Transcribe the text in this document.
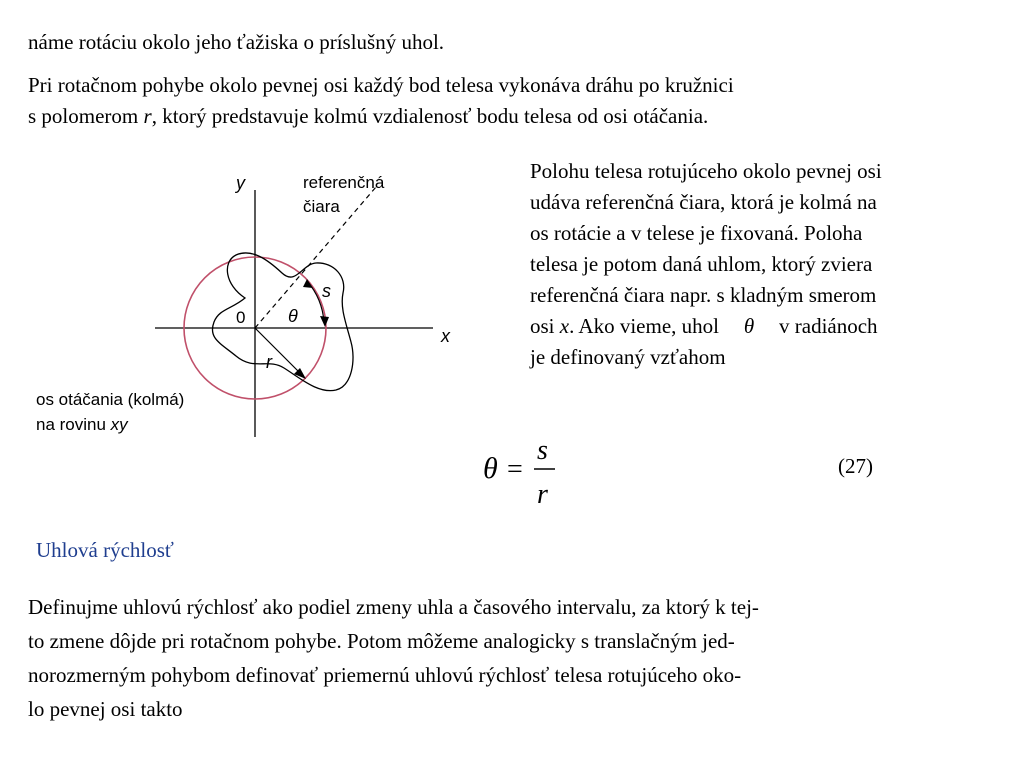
náme rotáciu okolo jeho ťažiska o príslušný uhol.
Pri rotačnom pohybe okolo pevnej osi každý bod telesa vykonáva dráhu po kružnici
s polomerom r, ktorý predstavuje kolmú vzdialenosť bodu telesa od osi otáčania.
y
x
referenčná
čiara
0 θ
s
r
os otáčania (kolmá)
na rovinu xy
θ =
s
r
Polohu telesa rotujúceho okolo pevnej osi
udáva referenčná čiara, ktorá je kolmá na
os rotácie a v telese je fixovaná. Poloha
telesa je potom daná uhlom, ktorý zviera
referenčná čiara napr. s kladným smerom
osi x. Ako vieme, uhol θ v radiánoch
je definovaný vzťahom
(27)
Uhlová rýchlosť
Definujme uhlovú rýchlosť ako podiel zmeny uhla a časového intervalu, za ktorý k tej-
to zmene dôjde pri rotačnom pohybe. Potom môžeme analogicky s translačným jed-
norozmerným pohybom definovať priemernú uhlovú rýchlosť telesa rotujúceho oko-
lo pevnej osi takto
